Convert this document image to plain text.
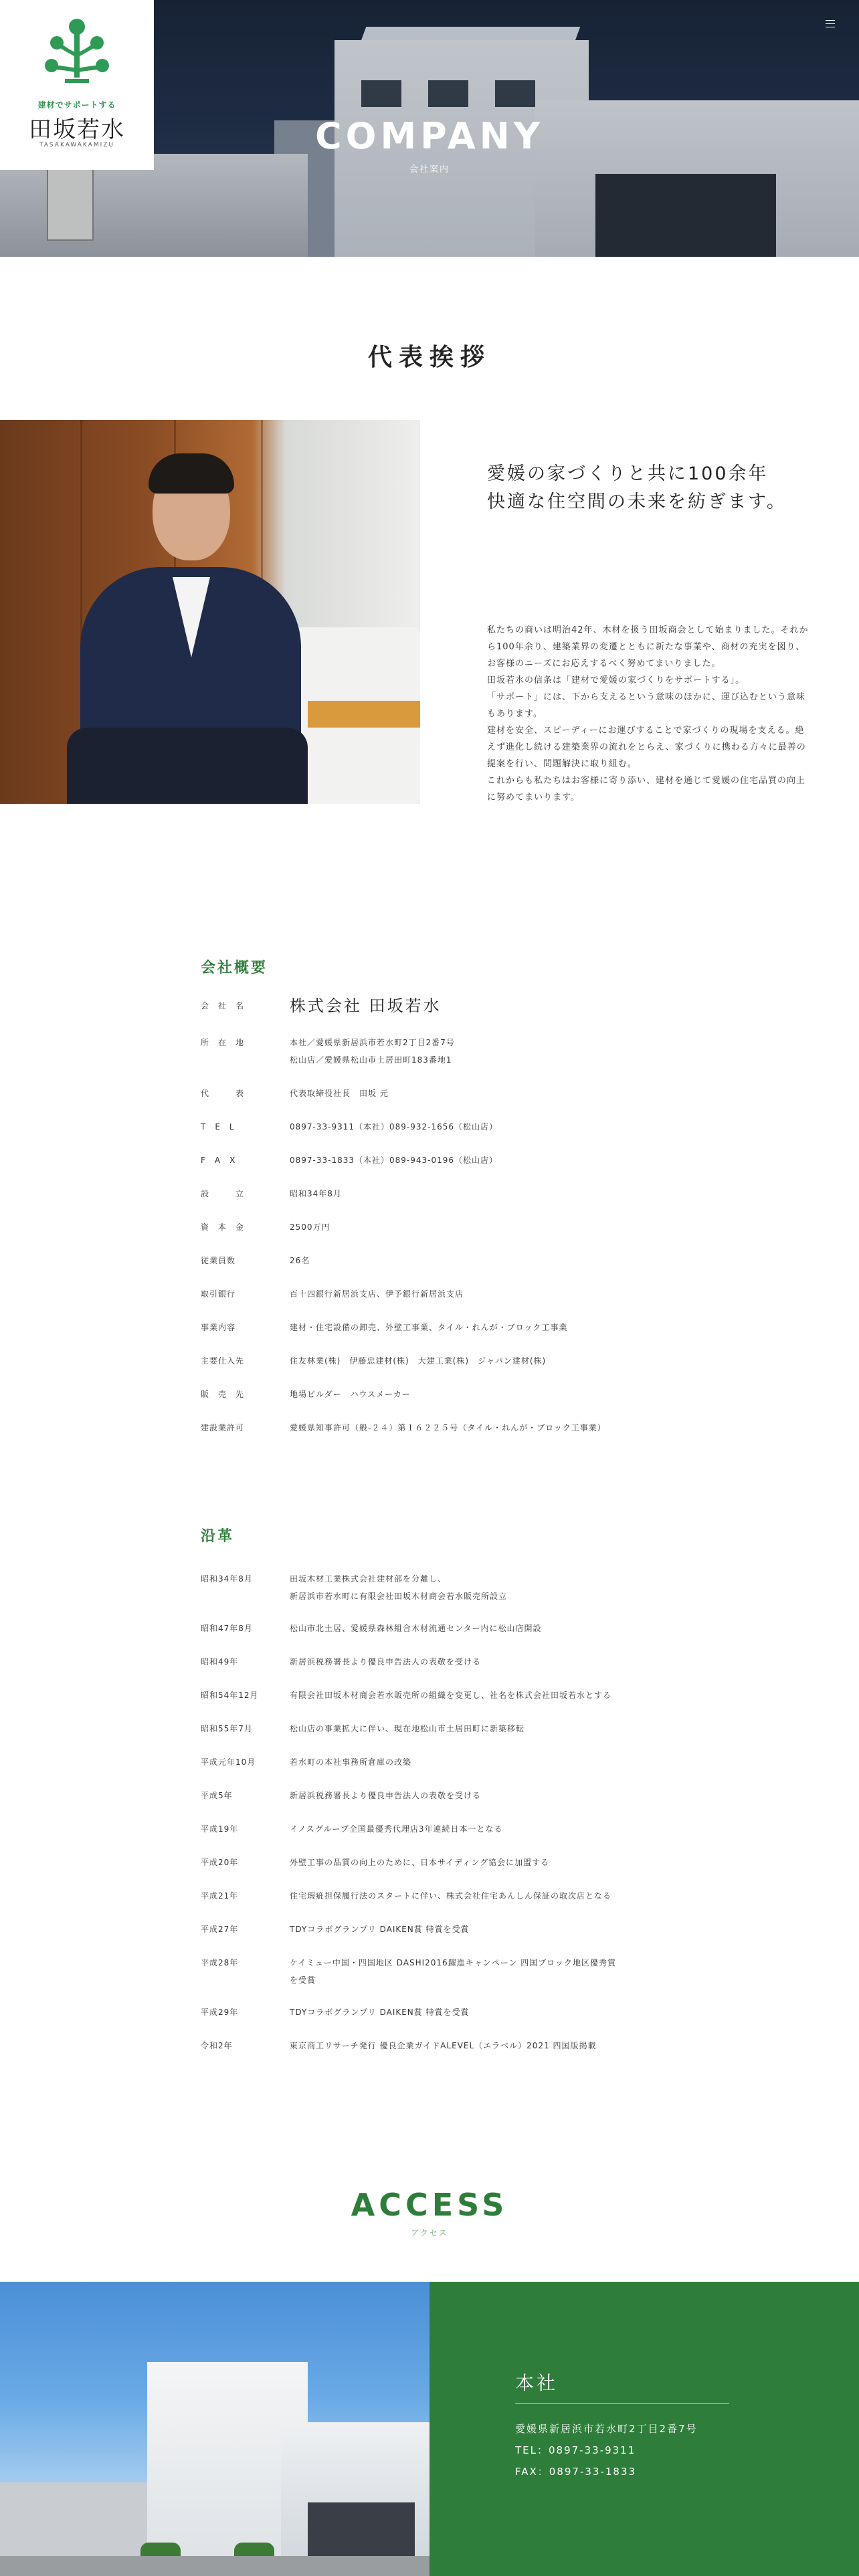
COMPANY
会社案内
建材でサポートする
田坂若水
TASAKAWAKAMIZU
代表挨拶
愛媛の家づくりと共に100余年
快適な住空間の未来を紡ぎます。

私たちの商いは明治42年、木材を扱う田坂商会として始まりました。それから100年余り、建築業界の変遷とともに新たな事業や、商材の充実を図り、お客様のニーズにお応えするべく努めてまいりました。

田坂若水の信条は「建材で愛媛の家づくりをサポートする」。

「サポート」には、下から支えるという意味のほかに、運び込むという意味もあります。

建材を安全、スピーディーにお運びすることで家づくりの現場を支える。絶えず進化し続ける建築業界の流れをとらえ、家づくりに携わる方々に最善の提案を行い、問題解決に取り組む。

これからも私たちはお客様に寄り添い、建材を通じて愛媛の住宅品質の向上に努めてまいります。

会社概要
会　社　名	株式会社 田坂若水
所　在　地	本社／愛媛県新居浜市若水町2丁目2番7号
松山店／愛媛県松山市土居田町183番地1
代　　　表	代表取締役社長　田坂 元
T　E　L	0897-33-9311（本社）089-932-1656（松山店）
F　A　X	0897-33-1833（本社）089-943-0196（松山店）
設　　　立	昭和34年8月
資　本　金	2500万円
従業員数	26名
取引銀行	百十四銀行新居浜支店、伊予銀行新居浜支店
事業内容	建材・住宅設備の卸売、外壁工事業、タイル・れんが・ブロック工事業
主要仕入先	住友林業(株)　伊藤忠建材(株)　大建工業(株)　ジャパン建材(株)
販　売　先	地場ビルダー　ハウスメーカー
建設業許可	愛媛県知事許可（般-２４）第１６２２５号（タイル・れんが・ブロック工事業）
沿革
昭和34年8月	田坂木材工業株式会社建材部を分離し、
新居浜市若水町に有限会社田坂木材商会若水販売所設立
昭和47年8月	松山市北土居、愛媛県森林組合木材流通センター内に松山店開設
昭和49年	新居浜税務署長より優良申告法人の表敬を受ける
昭和54年12月	有限会社田坂木材商会若水販売所の組織を変更し、社名を株式会社田坂若水とする
昭和55年7月	松山店の事業拡大に伴い、現在地松山市土居田町に新築移転
平成元年10月	若水町の本社事務所倉庫の改築
平成5年	新居浜税務署長より優良申告法人の表敬を受ける
平成19年	イノスグループ全国最優秀代理店3年連続日本一となる
平成20年	外壁工事の品質の向上のために、日本サイディング協会に加盟する
平成21年	住宅瑕疵担保履行法のスタートに伴い、株式会社住宅あんしん保証の取次店となる
平成27年	TDYコラボグランプリ DAIKEN賞 特賞を受賞
平成28年	ケイミュー中国・四国地区 DASHI2016躍進キャンペーン 四国ブロック地区優秀賞
を受賞
平成29年	TDYコラボグランプリ DAIKEN賞 特賞を受賞
令和2年	東京商工リサーチ発行 優良企業ガイドALEVEL（エラベル）2021 四国版掲載
ACCESS
アクセス
本社
愛媛県新居浜市若水町2丁目2番7号
TEL：0897-33-9311
FAX：0897-33-1833
